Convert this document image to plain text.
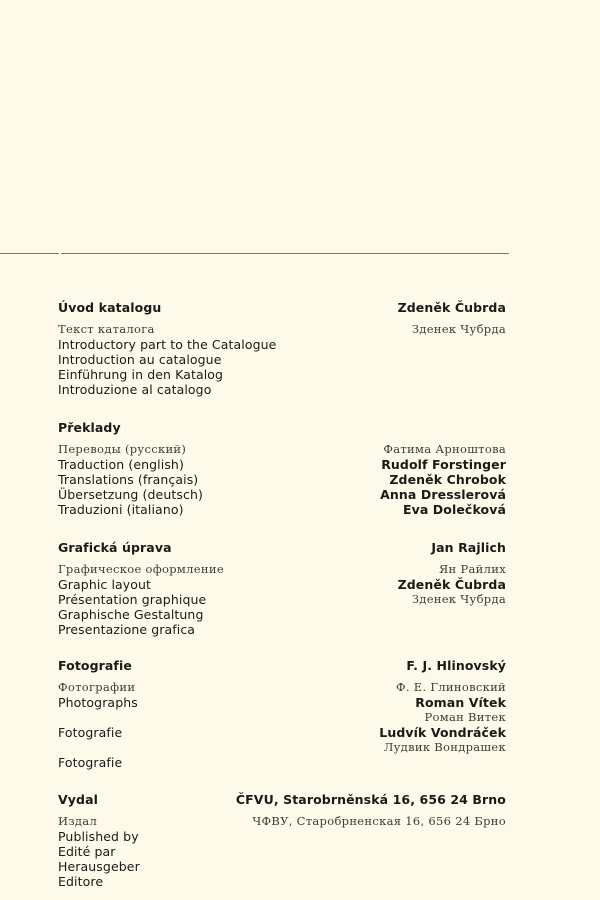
Úvod katalogu
Текст каталога
Introductory part to the Catalogue
Introduction au catalogue
Einführung in den Katalog
Introduzione al catalogo
Zdeněk Čubrda
Зденек Чубрда
Překlady
Переводы (русский)
Traduction (english)
Translations (français)
Übersetzung (deutsch)
Traduzioni (italiano)
Фатима Арноштова
Rudolf Forstinger
Zdeněk Chrobok
Anna Dresslerová
Eva Dolečková
Grafická úprava
Графическое оформление
Graphic layout
Présentation graphique
Graphische Gestaltung
Presentazione grafica
Jan Rajlich
Ян Райлих
Zdeněk Čubrda
Зденек Чубрда
Fotografie
Фотографии
Photographs
Fotografie
Fotografie
F. J. Hlinovský
Ф. Е. Глиновский
Roman Vítek
Роман Витек
Ludvík Vondráček
Лудвик Вондрашек
Vydal
Издал
Published by
Edité par
Herausgeber
Editore
ČFVU, Starobrněnská 16, 656 24 Brno
ЧФВУ, Старобрненская 16, 656 24 Брно
